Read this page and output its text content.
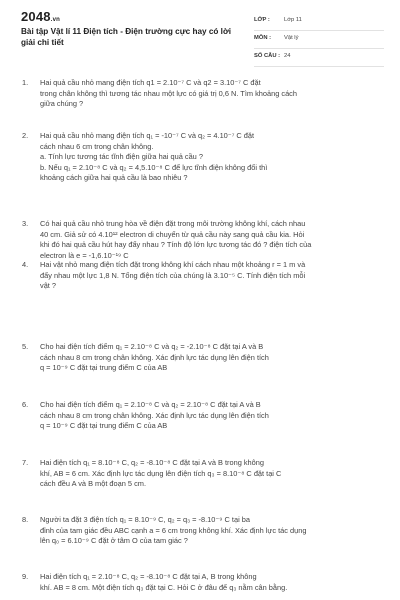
2048.vn
Bài tập Vật lí 11 Điện tích - Điện trường cực hay có lời giải chi tiết
LỚP : Lớp 11
MÔN : Vật lý
SỐ CÂU : 24
1. Hai quả cầu nhỏ mang điện tích q1 = 2.10⁻⁷ C và q2 = 3.10⁻⁷ C đặt
trong chân không thì tương tác nhau một lực có giá trị 0,6 N. Tìm khoảng cách
giữa chúng ?
2. Hai quả cầu nhỏ mang điện tích q₁ = -10⁻⁷ C và q₂ = 4.10⁻⁷ C đặt
cách nhau 6 cm trong chân không.
a. Tính lực tương tác tĩnh điện giữa hai quả cầu ?
b. Nếu q₁ = 2.10⁻⁸ C và q₂ = 4,5.10⁻⁸ C để lực tĩnh điện không đổi thì
khoảng cách giữa hai quả cầu là bao nhiêu ?
3. Có hai quả cầu nhỏ trung hòa về điện đặt trong môi trường không khí, cách nhau
40 cm. Giả sử có 4.10¹² electron di chuyển từ quả cầu này sang quả cầu kia. Hỏi
khi đó hai quả cầu hút hay đẩy nhau ? Tính độ lớn lực tương tác đó ? điện tích của
electron là e = -1,6.10⁻¹⁹ C
4. Hai vật nhỏ mang điện tích đặt trong không khí cách nhau một khoảng r = 1 m và
đẩy nhau một lực 1,8 N. Tổng điện tích của chúng là 3.10⁻⁵ C. Tính điện tích mỗi
vật ?
5. Cho hai điện tích điểm q₁ = 2.10⁻⁸ C và q₂ = -2.10⁻⁸ C đặt tại A và B
cách nhau 8 cm trong chân không. Xác định lực tác dụng lên điện tích
q = 10⁻⁹ C đặt tại trung điểm C của AB
6. Cho hai điện tích điểm q₁ = 2.10⁻⁸ C và q₂ = 2.10⁻⁸ C đặt tại A và B
cách nhau 8 cm trong chân không. Xác định lực tác dụng lên điện tích
q = 10⁻⁹ C đặt tại trung điểm C của AB
7. Hai điện tích q₁ = 8.10⁻⁸ C, q₂ = -8.10⁻⁸ C đặt tại A và B trong không
khí, AB = 6 cm. Xác định lực tác dụng lên điện tích q₃ = 8.10⁻⁸ C đặt tại C
cách đều A và B một đoạn 5 cm.
8. Người ta đặt 3 điện tích q₁ = 8.10⁻⁹ C, q₂ = q₃ = -8.10⁻⁹ C tại ba
đỉnh của tam giác đều ABC cạnh a = 6 cm trong không khí. Xác định lực tác dụng
lên q₀ = 6.10⁻⁹ C đặt ở tâm O của tam giác ?
9. Hai điện tích q₁ = 2.10⁻⁸ C, q₂ = -8.10⁻⁸ C đặt tại A, B trong không
khí. AB = 8 cm. Một điện tích q₃ đặt tại C. Hỏi C ở đâu để q₃ nằm cân bằng.
